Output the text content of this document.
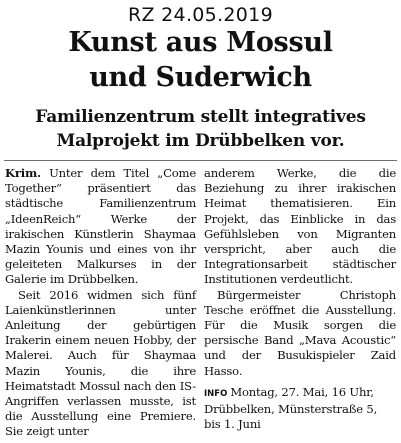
RZ 24.05.2019
Kunst aus Mossul
und Suderwich
Familienzentrum stellt integratives
Malprojekt im Drübbelken vor.

Krim. Unter dem Titel „Come Together“ präsentiert das städtische Familienzentrum „IdeenReich“ Werke der irakischen Künstlerin Shaymaa Mazin Younis und eines von ihr geleiteten Malkurses in der Galerie im Drübbelken.

Seit 2016 widmen sich fünf Laienkünstlerinnen unter Anleitung der gebürtigen Irakerin einem neuen Hobby, der Malerei. Auch für Shaymaa Mazin Younis, die ihre Heimatstadt Mossul nach den IS-Angriffen verlassen musste, ist die Ausstellung eine Premiere. Sie zeigt unter

anderem Werke, die die Beziehung zu ihrer irakischen Heimat thematisieren. Ein Projekt, das Einblicke in das Gefühlsleben von Migranten verspricht, aber auch die Integrationsarbeit städtischer Institutionen verdeutlicht.

Bürgermeister Christoph Tesche eröffnet die Ausstellung. Für die Musik sorgen die persische Band „Mava Acoustic“ und der Busukispieler Zaid Hasso.

INFO Montag, 27. Mai, 16 Uhr, Drübbelken, Münsterstraße 5, bis 1. Juni
